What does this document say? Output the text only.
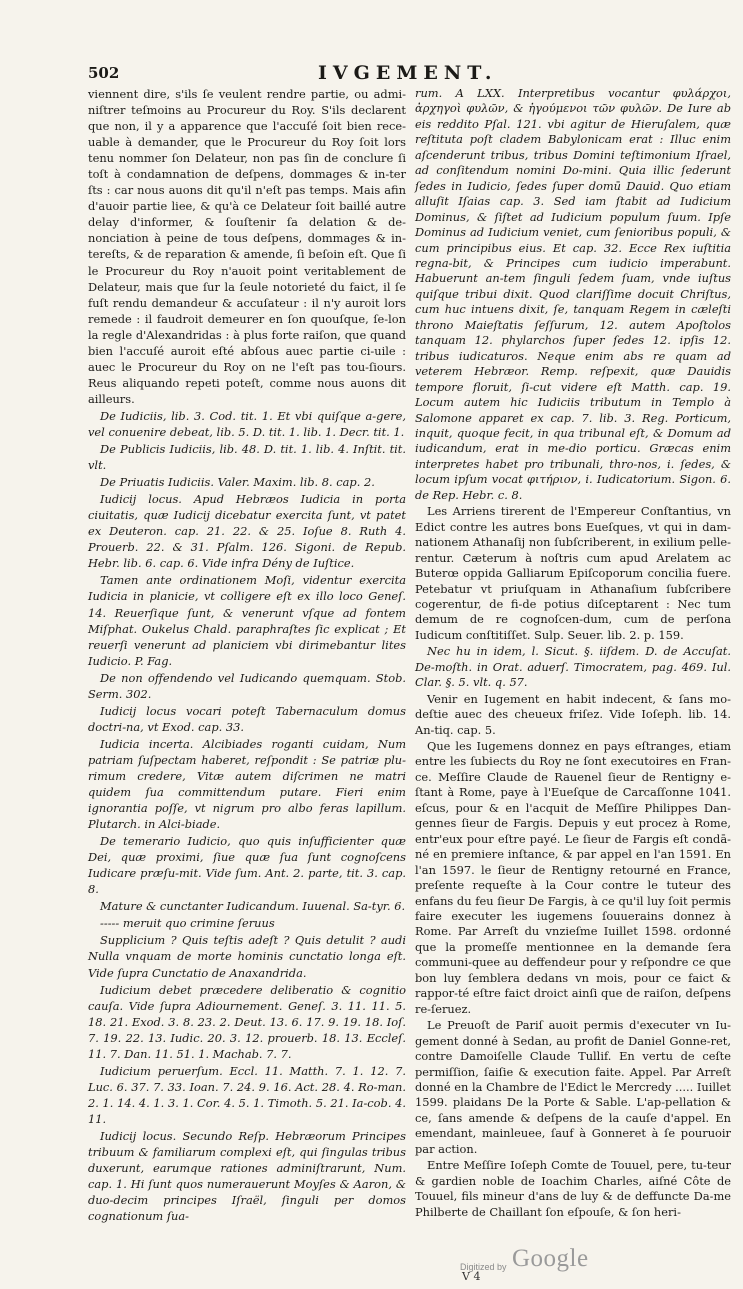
502	IVGEMENT.

viennent dire, s'ils ſe veulent rendre partie, ou admi-niſtrer teſmoins au Procureur du Roy. S'ils declarent que non, il y a apparence que l'accuſé ſoit bien rece-uable à demander, que le Procureur du Roy ſoit lors tenu nommer ſon Delateur, non pas ſin de conclure ſi toſt à condamnation de deſpens, dommages & in-ter ſts : car nous auons dit qu'il n'eſt pas temps. Mais afin d'auoir partie liee, & qu'à ce Delateur ſoit baillé autre delay d'informer, & ſouſtenir ſa delation & de-nonciation à peine de tous deſpens, dommages & in-tereſts, & de reparation & amende, ſi beſoin eſt. Que ſi le Procureur du Roy n'auoit point veritablement de Delateur, mais que ſur la ſeule notorieté du faict, il ſe fuſt rendu demandeur & accuſateur : il n'y auroit lors remede : il faudroit demeurer en ſon quouſque, ſe-lon la regle d'Alexandridas : à plus forte raiſon, que quand bien l'accuſé auroit eſté abſous auec partie ci-uile : auec le Procureur du Roy on ne l'eſt pas tou-ſiours. Reus aliquando repeti poteſt, comme nous auons dit ailleurs.

De Iudiciis, lib. 3. Cod. tit. 1. Et vbi quiſque a-gere, vel conuenire debeat, lib. 5. D. tit. 1. lib. 1. Decr. tit. 1.

De Publicis Iudiciis, lib. 48. D. tit. 1. lib. 4. Inſtit. tit. vlt.

De Priuatis Iudiciis. Valer. Maxim. lib. 8. cap. 2.

Iudicij locus. Apud Hebræos Iudicia in porta ciuitatis, quæ Iudicij dicebatur exercita ſunt, vt patet ex Deuteron. cap. 21. 22. & 25. Ioſue 8. Ruth 4. Prouerb. 22. & 31. Pſalm. 126. Sigoni. de Repub. Hebr. lib. 6. cap. 6. Vide infra Dény de Iuſtice.

Tamen ante ordinationem Moſi, videntur exercita Iudicia in planicie, vt colligere eſt ex illo loco Geneſ. 14. Reuerſique ſunt, & venerunt vſque ad fontem Miſphat. Oukelus Chald. paraphraſtes ſic explicat ; Et reuerſi venerunt ad planiciem vbi dirimebantur lites Iudicio. P. Fag.

De non offendendo vel Iudicando quemquam. Stob. Serm. 302.

Iudicij locus vocari poteſt Tabernaculum domus doctri-na, vt Exod. cap. 33.

Iudicia incerta. Alcibiades roganti cuidam, Num patriam ſuſpectam haberet, reſpondit : Se patriæ plu-rimum credere, Vitæ autem diſcrimen ne matri quidem ſua committendum putare. Fieri enim ignorantia poſſe, vt nigrum pro albo feras lapillum. Plutarch. in Alci-biade.

De temerario Iudicio, quo quis inſufficienter quæ Dei, quæ proximi, ſiue quæ ſua ſunt cognoſcens Iudicare præſu-mit. Vide ſum. Ant. 2. parte, tit. 3. cap. 8.

Mature & cunctanter Iudicandum. Iuuenal. Sa-tyr. 6.

----- meruit quo crimine ſeruus

Supplicium ? Quis teſtis adeſt ? Quis detulit ? audi Nulla vnquam de morte hominis cunctatio longa eſt. Vide ſupra Cunctatio de Anaxandrida.

Iudicium debet præcedere deliberatio & cognitio cauſa. Vide ſupra Adiournement. Geneſ. 3. 11. 11. 5. 18. 21. Exod. 3. 8. 23. 2. Deut. 13. 6. 17. 9. 19. 18. Ioſ. 7. 19. 22. 13. Iudic. 20. 3. 12. prouerb. 18. 13. Eccleſ. 11. 7. Dan. 11. 51. 1. Machab. 7. 7.

Iudicium peruerſum. Eccl. 11. Matth. 7. 1. 12. 7. Luc. 6. 37. 7. 33. Ioan. 7. 24. 9. 16. Act. 28. 4. Ro-man. 2. 1. 14. 4. 1. 3. 1. Cor. 4. 5. 1. Timoth. 5. 21. Ia-cob. 4. 11.

Iudicij locus. Secundo Reſp. Hebræorum Principes tribuum & familiarum complexi eſt, qui ſingulas tribus duxerunt, earumque rationes adminiſtrarunt, Num. cap. 1. Hi ſunt quos numerauerunt Moyſes & Aaron, & duo-decim principes Iſraël, ſinguli per domos cognationum ſua-

rum. A LXX. Interpretibus vocantur φυλάρχοι, ἀρχηγοὶ φυλῶν, & ἡγούμενοι τῶν φυλῶν. De Iure ab eis reddito Pſal. 121. vbi agitur de Hieruſalem, quæ reſtituta poſt cladem Babylonicam erat : Illuc enim aſcenderunt tribus, tribus Domini teſtimonium Iſrael, ad conſitendum nomini Do-mini. Quia illic ſederunt ſedes in Iudicio, ſedes ſuper domū Dauid. Quo etiam alluſit Iſaias cap. 3. Sed iam ſtabit ad Iudicium Dominus, & ſiſtet ad Iudicium populum ſuum. Ipſe Dominus ad Iudicium veniet, cum ſenioribus populi, & cum principibus eius. Et cap. 32. Ecce Rex iuſtitia regna-bit, & Principes cum iudicio imperabunt. Habuerunt an-tem ſinguli ſedem ſuam, vnde iuſtus quiſque tribui dixit. Quod clariſſime docuit Chriſtus, cum huc intuens dixit, ſe, tanquam Regem in cæleſti throno Maieſtatis ſeſſurum, 12. autem Apoſtolos tanquam 12. phylarchos ſuper ſedes 12. ipſis 12. tribus iudicaturos. Neque enim abs re quam ad veterem Hebræor. Remp. reſpexit, quæ Dauidis tempore floruit, ſi-cut videre eſt Matth. cap. 19. Locum autem hic Iudiciis tributum in Templo à Salomone apparet ex cap. 7. lib. 3. Reg. Porticum, inquit, quoque fecit, in qua tribunal eſt, & Domum ad iudicandum, erat in me-dio porticu. Græcas enim interpretes habet pro tribunali, thro-nos, i. ſedes, & locum ipſum vocat φιτήριον, i. Iudicatorium. Sigon. 6. de Rep. Hebr. c. 8.

Les Arriens tirerent de l'Empereur Conſtantius, vn Edict contre les autres bons Eueſques, vt qui in dam-nationem Athanaſij non ſubſcriberent, in exilium pelle-rentur. Cæterum à noſtris cum apud Arelatem ac Buterœ oppida Galliarum Epiſcoporum concilia fuere. Petebatur vt priuſquam in Athanaſium ſubſcribere cogerentur, de fi-de potius diſceptarent : Nec tum demum de re cognoſcen-dum, cum de perſona Iudicum conſtitiſſet. Sulp. Seuer. lib. 2. p. 159.

Nec hu in idem, l. Sicut. §. iiſdem. D. de Accuſat. De-moſth. in Orat. aduerſ. Timocratem, pag. 469. Iul. Clar. §. 5. vlt. q. 57.

Venir en Iugement en habit indecent, & ſans mo-deſtie auec des cheueux friſez. Vide Ioſeph. lib. 14. An-tiq. cap. 5.

Que les Iugemens donnez en pays eſtranges, etiam entre les ſubiects du Roy ne ſont executoires en Fran-ce. Meſſire Claude de Rauenel ſieur de Rentigny e-ſtant à Rome, paye à l'Eueſque de Carcaſſonne 1041. eſcus, pour & en l'acquit de Meſſire Philippes Dan-gennes ſieur de Fargis. Depuis y eut procez à Rome, entr'eux pour eſtre payé. Le ſieur de Fargis eſt condā-né en premiere inſtance, & par appel en l'an 1591. En l'an 1597. le ſieur de Rentigny retourné en France, preſente requeſte à la Cour contre le tuteur des enfans du feu ſieur De Fargis, à ce qu'il luy ſoit permis faire executer les iugemens ſouuerains donnez à Rome. Par Arreſt du vnzieſme Iuillet 1598. ordonné que la promeſſe mentionnee en la demande ſera communi-quee au deffendeur pour y reſpondre ce que bon luy ſemblera dedans vn mois, pour ce faict & rappor-té eſtre faict droict ainſi que de raiſon, deſpens re-ſeruez.

Le Preuoſt de Pariſ auoit permis d'executer vn Iu-gement donné à Sedan, au profit de Daniel Gonne-ret, contre Damoiſelle Claude Tullif. En vertu de ceſte permiſſion, ſaiſie & execution faite. Appel. Par Arreſt donné en la Chambre de l'Edict le Mercredy ..... Iuillet 1599. plaidans De la Porte & Sable. L'ap-pellation & ce, ſans amende & deſpens de la cauſe d'appel. En emendant, mainleuee, ſauf à Gonneret à ſe pouruoir par action.

Entre Meſſire Ioſeph Comte de Touuel, pere, tu-teur & gardien noble de Ioachim Charles, aiſné Côte de Touuel, fils mineur d'ans de luy & de deffuncte Da-me Philberte de Chaillant ſon eſpouſe, & ſon heri-

Digitized by Google
V 4
